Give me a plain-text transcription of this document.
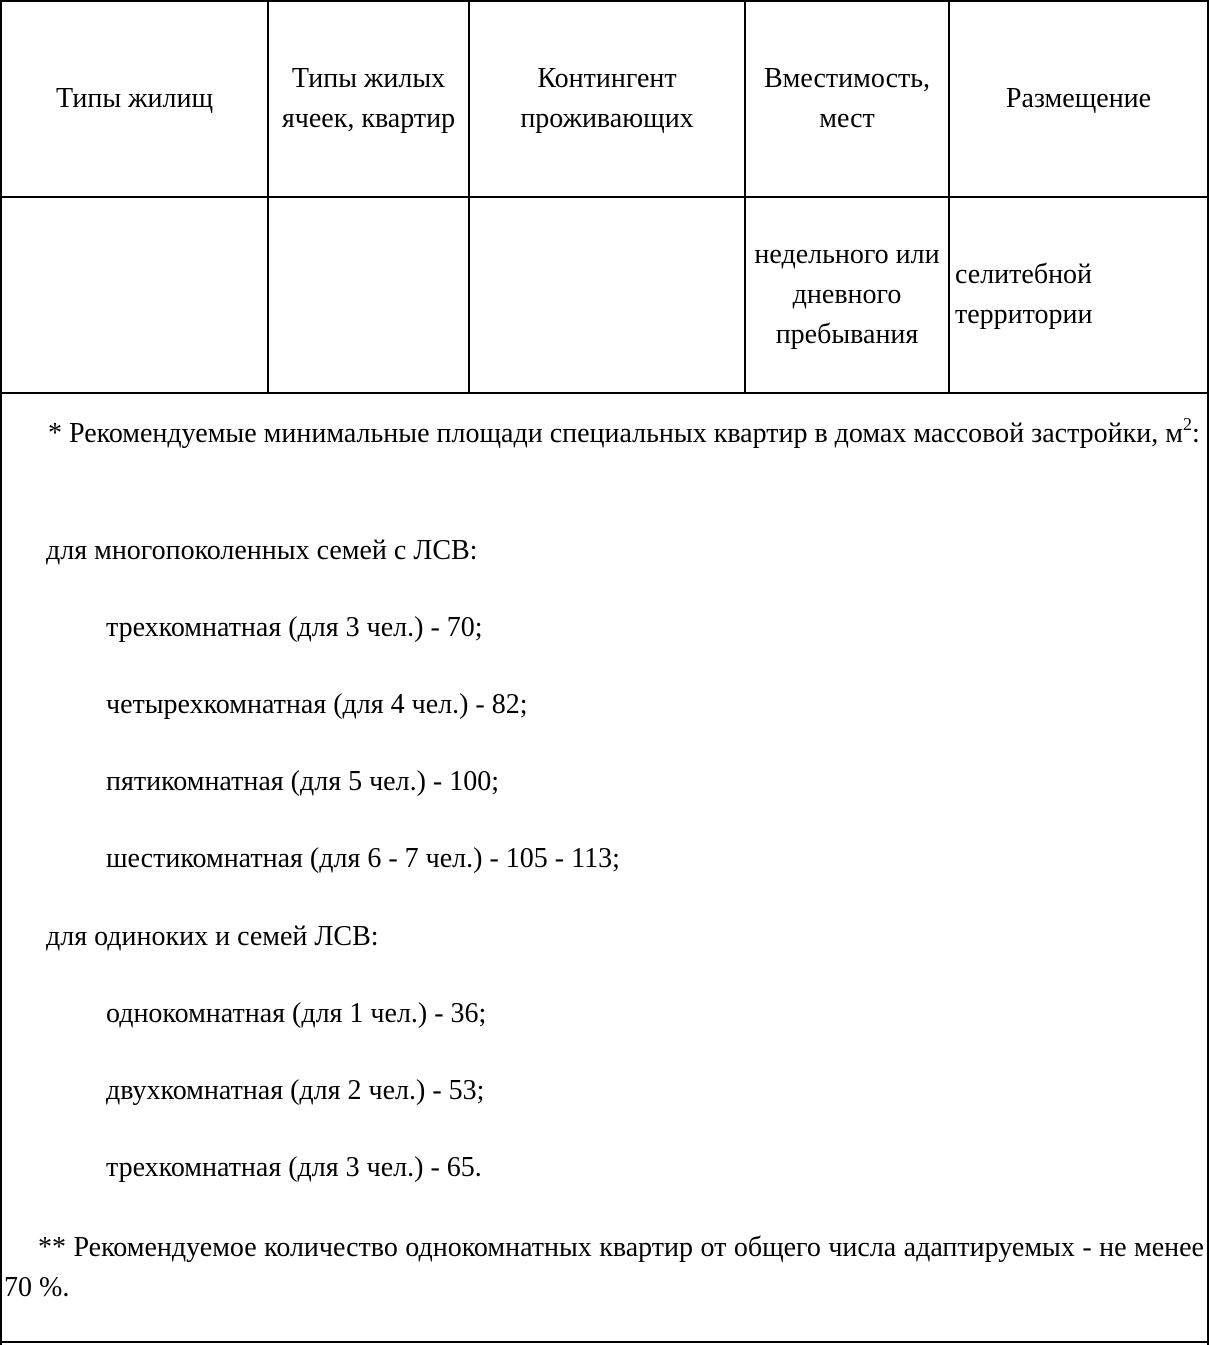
Типы жилищ
Типы жилых ячеек, квартир
Контингент проживающих
Вместимость, мест
Размещение
недельного или дневного пребывания
селитебной территории
* Рекомендуемые минимальные площади специальных квартир в домах массовой застройки, $м^2$:
для многопоколенных семей с ЛСВ:
трехкомнатная (для 3 чел.) - 70;
четырехкомнатная (для 4 чел.) - 82;
пятикомнатная (для 5 чел.) - 100;
шестикомнатная (для 6 - 7 чел.) - 105 - 113;
для одиноких и семей ЛСВ:
однокомнатная (для 1 чел.) - 36;
двухкомнатная (для 2 чел.) - 53;
трехкомнатная (для 3 чел.) - 65.
** Рекомендуемое количество однокомнатных квартир от общего числа адаптируемых - не менее 70 %.
